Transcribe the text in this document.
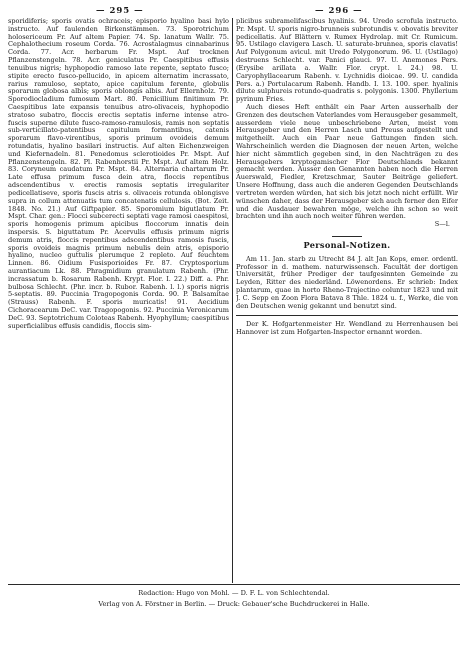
— 295 —	— 296 —

sporidiferis; sporis ovatis ochraceis; episporio hyalino basi hylo instructo. Auf faulenden Birkenstämmen. 73. Sporotrichum holosericeum Fr. Auf altem Papier. 74. Sp. lanatum Wallr. 75. Cephalothecium roseum Corda. 76. Acrostalagmus cinnabarinus Corda. 77. Acr. herbarum Fr. Mspt. Auf trocknen Pflanzenstengeln. 78. Acr. geniculatus Pr. Caespitibus effusis tenuibus nigris; hyphopodio ramoso late repente, septato fusco; stipite erecto fusco-pellucido, in apicem alternatim incrassato, rarius ramuloso, septato, apice capitulum ferente, globulis sporarum globosa albis; sporis oblongis albis. Auf Ellernholz. 79. Sporodiocladium fumosum Mart. 80. Penicillium finitimum Pr. Caespitibus late expansis tenuibus atro-olivaceis, hyphopodio stratoso subatro, floccis erectis septatis inferne intense atro-fuscis superne dilute fusco-ramoso-ramulosis, ramis non septatis sub-verticillato-patentibus capitulum formantibus, catenis sporarum flavo-virentibus, sporis primum ovoideis demum rotundatis, hyalino basilari instructis. Auf alten Eichenzweigen und Kiefernadeln. 81. Penedomus sclerotioides Pr. Mspt. Auf Pflanzenstengeln. 82. Pl. Rabenhorstii Pr. Mspt. Auf altem Holz. 83. Coryneum caudatum Pr. Mspt. 84. Alternaria chartarum Pr. Late effusa primum fusca dein atra, floccis repentibus adscendentibus v. erectis ramosis septatis irregulariter pedicellatiseve, sporis fuscis atris s. olivaceis rotunda oblongisve supra in collum attenuatis tum concatenatis cellulosis. (Bot. Zeit. 1848. No. 21.) Auf Giftpapier. 85. Sporomium bigutlatum Pr. Mspt. Char. gen.: Flocci subcerecti septati vage ramosi caespitosi, sporis homogenis primum apicibus floccorum innatis dein inspersis. S. biguttatum Pr. Acervulis effusis primum nigris demum atris, floccis repentibus adscendentibus ramosis fuscis, sporis ovoideis magnis primum nebulis dein atris, episporio hyalino, nucleo guttulis plerumque 2 repleto. Auf feuchtem Linnen. 86. Oidium Fusisporioides Fr. 87. Cryptosporium aurantiacum Lk. 88. Phragmidium granulatum Rabenh. (Phr. incrassatum b. Rosarum Rabenh. Krypt. Flor. I. 22.) Diff. a. Phr. bulbosa Schlecht. (Phr. incr. b. Rubor. Rabenh. l. l.) sporis nigris 5-septatis. 89. Puccinia Tragopogonis Corda. 90. P. Balsamitae (Strauss) Rabenh. F. sporis muricatis! 91. Aecidium Cichoracearum DeC. var. Tragopogonis. 92. Puccinia Veronicarum DeC. 93. Septotrichum Coloteas Rabenh. Hyophyllum; caespitibus superficialibus effusis candidis, floccis sim-

plicibus subramelifascibus hyalinis. 94. Uredo scrofula instructo. Pr. Mspt. U. sporis nigro-brunneis subrotundis v. obovatis breviter pedicellatis. Auf Blättern v. Rumex Hydrolap. mit Cr. Rumicum. 95. Ustilago clavigera Lasch. U. saturate-brunnea, sporis clavatis! Auf Polygonum avicul. mit Uredo Polygonorum. 96. U. (Ustilago) destruens Schlecht. var. Panici glauci. 97. U. Anemones Pers. (Erysibe arillata a. Wallr. Flor. crypt. l. 24.) 98. U. Caryophyllacearum Rabenh. v. Lychnidis dioicae. 99. U. candida Pers. a.) Portulacarum Rabenh. Handb. I. 13. 100. sper. hyalinis dilute sulphureis rotundo-quadratis s. polygonis. 1300. Phyllerium pyrinum Fries.

Auch dieses Heft enthält ein Paar Arten ausserhalb der Grenzen des deutschen Vaterlandes vom Herausgeber gesammelt, ausserdem viele neue unbeschriebene Arten, meist vom Herausgeber und den Herren Lasch und Preuss aufgestellt und mitgetheilt. Auch ein Paar neue Gattungen finden sich. Wahrscheinlich werden die Diagnosen der neuen Arten, welche hier nicht sämmtlich gegeben sind, in den Nachträgen zu des Herausgebers kryptogamischer Flor Deutschlands bekannt gemacht werden. Ausser den Genannten haben noch die Herren Auerswald, Fiedler, Kretzschmar, Sauter Beiträge geliefert. Unsere Hoffnung, dass auch die anderen Gegenden Deutschlands vertreten werden würden, hat sich bis jetzt noch nicht erfüllt. Wir wünschen daher, dass der Herausgeber sich auch ferner den Eifer und die Ausdauer bewahren möge, welche ihn schon so weit brachten und ihn auch noch weiter führen werden.

S—l.

Personal-Notizen.

Am 11. Jan. starb zu Utrecht 84 J. alt Jan Kops, emer. ordentl. Professor in d. mathem. naturwissensch. Facultät der dortigen Universität, früher Prediger der taufgesinnten Gemeinde zu Leyden, Ritter des niederländ. Löwenordens. Er schrieb: Index plantarum, quae in horto Rheno-Trajectino coluntur 1823 und mit J. C. Sepp en Zoon Flora Batava 8 Thle. 1824 u. f., Werke, die von den Deutschen wenig gekannt und benutzt sind.

Der K. Hofgartenmeister Hr. Wendland zu Herrenhausen bei Hannover ist zum Hofgarten-Inspector ernannt worden.

Redaction: Hugo von Mohl. — D. F. L. von Schlechtendal.
Verlag von A. Förstner in Berlin. — Druck: Gebauer'sche Buchdruckerei in Halle.
